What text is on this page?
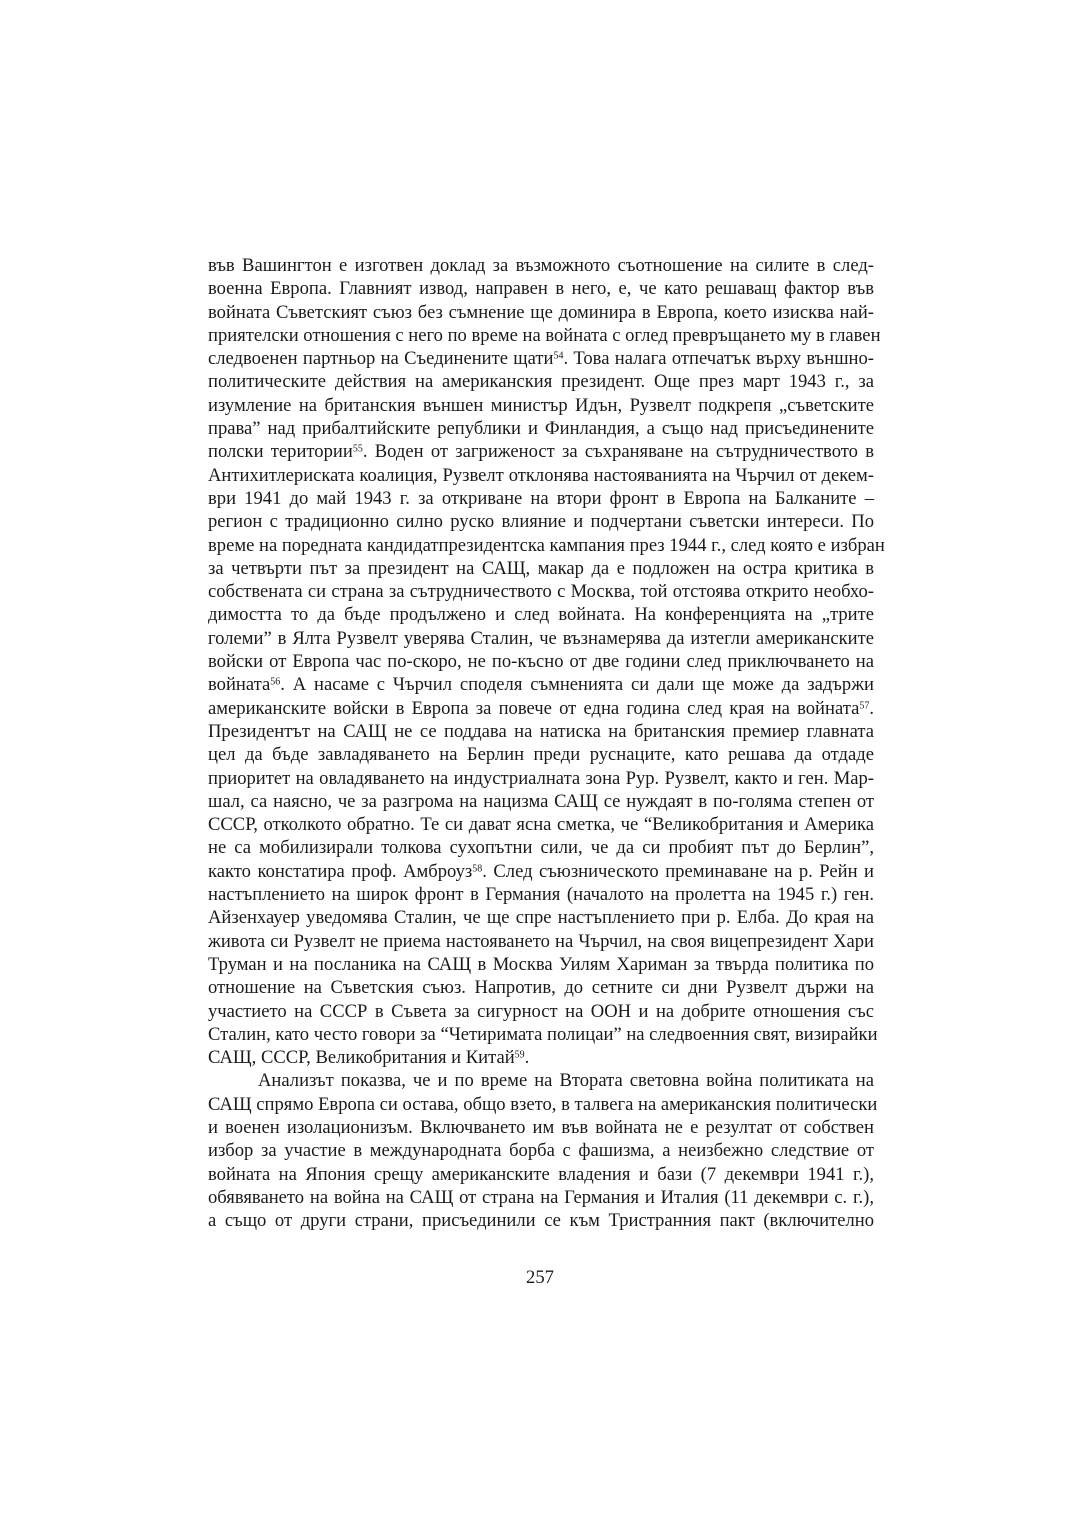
във Вашингтон е изготвен доклад за възможното съотношение на силите в след-
военна Европа. Главният извод, направен в него, е, че като решаващ фактор във
войната Съветският съюз без съмнение ще доминира в Европа, което изисква най-
приятелски отношения с него по време на войната с оглед превръщането му в главен
следвоенен партньор на Съединените щати$^{54}$. Това налага отпечатък върху външно-
политическите действия на американския президент. Още през март 1943 г., за
изумление на британския външен министър Идън, Рузвелт подкрепя „съветските
права” над прибалтийските републики и Финландия, а също над присъединените
полски територии$^{55}$. Воден от загриженост за съхраняване на сътрудничеството в
Антихитлериската коалиция, Рузвелт отклонява настояванията на Чърчил от декем-
ври 1941 до май 1943 г. за откриване на втори фронт в Европа на Балканите –
регион с традиционно силно руско влияние и подчертани съветски интереси. По
време на поредната кандидатпрезидентска кампания през 1944 г., след която е избран
за четвърти път за президент на САЩ, макар да е подложен на остра критика в
собствената си страна за сътрудничеството с Москва, той отстоява открито необхо-
димостта то да бъде продължено и след войната. На конференцията на „трите
големи” в Ялта Рузвелт уверява Сталин, че възнамерява да изтегли американските
войски от Европа час по-скоро, не по-късно от две години след приключването на
войната$^{56}$. А насаме с Чърчил споделя съмненията си дали ще може да задържи
американските войски в Европа за повече от една година след края на войната$^{57}$.
Президентът на САЩ не се поддава на натиска на британския премиер главната
цел да бъде завладяването на Берлин преди руснаците, като решава да отдаде
приоритет на овладяването на индустриалната зона Рур. Рузвелт, както и ген. Мар-
шал, са наясно, че за разгрома на нацизма САЩ се нуждаят в по-голяма степен от
СССР, отколкото обратно. Те си дават ясна сметка, че “Великобритания и Америка
не са мобилизирали толкова сухопътни сили, че да си пробият път до Берлин”,
както констатира проф. Амброуз$^{58}$. След съюзническото преминаване на р. Рейн и
настъплението на широк фронт в Германия (началото на пролетта на 1945 г.) ген.
Айзенхауер уведомява Сталин, че ще спре настъплението при р. Елба. До края на
живота си Рузвелт не приема настояването на Чърчил, на своя вицепрезидент Хари
Труман и на посланика на САЩ в Москва Уилям Хариман за твърда политика по
отношение на Съветския съюз. Напротив, до сетните си дни Рузвелт държи на
участието на СССР в Съвета за сигурност на ООН и на добрите отношения със
Сталин, като често говори за “Четиримата полицаи” на следвоенния свят, визирайки
САЩ, СССР, Великобритания и Китай$^{59}$.
Анализът показва, че и по време на Втората световна война политиката на
САЩ спрямо Европа си остава, общо взето, в талвега на американския политически
и военен изолационизъм. Включването им във войната не е резултат от собствен
избор за участие в международната борба с фашизма, а неизбежно следствие от
войната на Япония срещу американските владения и бази (7 декември 1941 г.),
обявяването на война на САЩ от страна на Германия и Италия (11 декември с. г.),
а също от други страни, присъединили се към Тристранния пакт (включително
257
